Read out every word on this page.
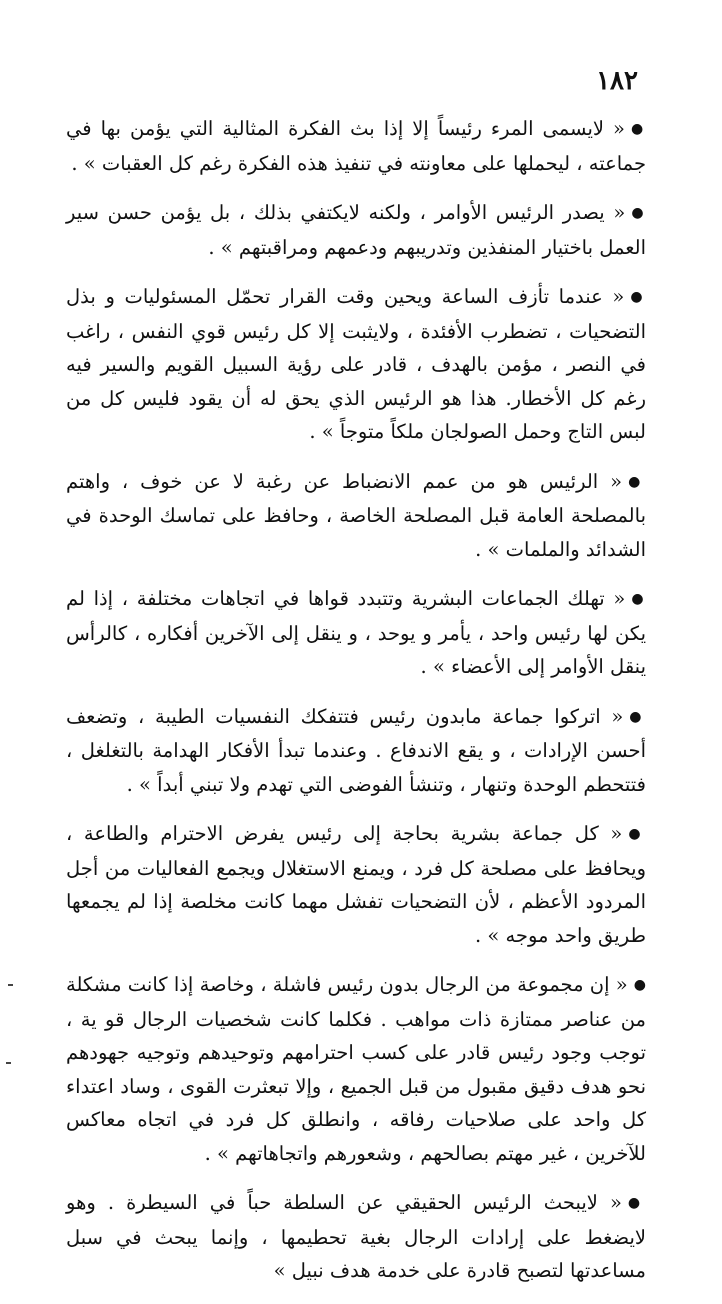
١٨٢

●« لايسمى المرء رئيساً إلا إذا بث الفكرة المثالية التي يؤمن بها في جماعته ، ليحملها على معاونته في تنفيذ هذه الفكرة رغم كل العقبات » .

●« يصدر الرئيس الأوامر ، ولكنه لايكتفي بذلك ، بل يؤمن حسن سير العمل باختيار المنفذين وتدريبهم ودعمهم ومراقبتهم » .

●« عندما تأزف الساعة ويحين وقت القرار تحمّل المسئوليات و بذل التضحيات ، تضطرب الأفئدة ، ولايثبت إلا كل رئيس قوي النفس ، راغب في النصر ، مؤمن بالهدف ، قادر على رؤية السبيل القويم والسير فيه رغم كل الأخطار. هذا هو الرئيس الذي يحق له أن يقود فليس كل من لبس التاج وحمل الصولجان ملكاً متوجاً » .

●« الرئيس هو من عمم الانضباط عن رغبة لا عن خوف ، واهتم بالمصلحة العامة قبل المصلحة الخاصة ، وحافظ على تماسك الوحدة في الشدائد والملمات » .

●« تهلك الجماعات البشرية وتتبدد قواها في اتجاهات مختلفة ، إذا لم يكن لها رئيس واحد ، يأمر و يوحد ، و ينقل إلى الآخرين أفكاره ، كالرأس ينقل الأوامر إلى الأعضاء » .

●« اتركوا جماعة مابدون رئيس فتتفكك النفسيات الطيبة ، وتضعف أحسن الإرادات ، و يقع الاندفاع . وعندما تبدأ الأفكار الهدامة بالتغلغل ، فتتحطم الوحدة وتنهار ، وتنشأ الفوضى التي تهدم ولا تبني أبداً » .

●« كل جماعة بشرية بحاجة إلى رئيس يفرض الاحترام والطاعة ، ويحافظ على مصلحة كل فرد ، ويمنع الاستغلال ويجمع الفعاليات من أجل المردود الأعظم ، لأن التضحيات تفشل مهما كانت مخلصة إذا لم يجمعها طريق واحد موجه » .

●« إن مجموعة من الرجال بدون رئيس فاشلة ، وخاصة إذا كانت مشكلة من عناصر ممتازة ذات مواهب . فكلما كانت شخصيات الرجال قو ية ، توجب وجود رئيس قادر على كسب احترامهم وتوحيدهم وتوجيه جهودهم نحو هدف دقيق مقبول من قبل الجميع ، وإلا تبعثرت القوى ، وساد اعتداء كل واحد على صلاحيات رفاقه ، وانطلق كل فرد في اتجاه معاكس للآخرين ، غير مهتم بصالحهم ، وشعورهم واتجاهاتهم » .

●« لايبحث الرئيس الحقيقي عن السلطة حباً في السيطرة . وهو لايضغط على إرادات الرجال بغية تحطيمها ، وإنما يبحث في سبل مساعدتها لتصبح قادرة على خدمة هدف نبيل »
